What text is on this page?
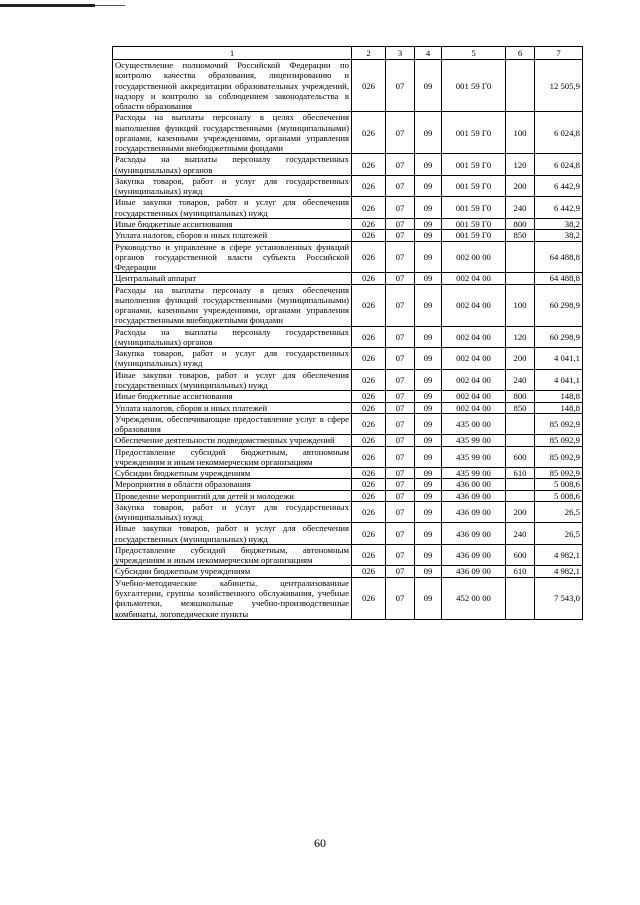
1	2	3	4	5	6	7
Осуществление полномочий Российской Федерации по контролю качества образования, лицензированию и государственной аккредитации образовательных учреждений, надзору и контролю за соблюдением законодательства в области образования	026	07	09	001 59 Г0		12 505,9
Расходы на выплаты персоналу в целях обеспечения выполнения функций государственными (муниципальными) органами, казенными учреждениями, органами управления государственными внебюджетными фондами	026	07	09	001 59 Г0	100	6 024,8
Расходы на выплаты персоналу государственных (муниципальных) органов	026	07	09	001 59 Г0	120	6 024,8
Закупка товаров, работ и услуг для государственных (муниципальных) нужд	026	07	09	001 59 Г0	200	6 442,9
Иные закупки товаров, работ и услуг для обеспечения государственных (муниципальных) нужд	026	07	09	001 59 Г0	240	6 442,9
Иные бюджетные ассигнования	026	07	09	001 59 Г0	800	38,2
Уплата налогов, сборов и иных платежей	026	07	09	001 59 Г0	850	38,2
Руководство и управление в сфере установленных функций органов государственной власти субъекта Российской Федерации	026	07	09	002 00 00		64 488,8
Центральный аппарат	026	07	09	002 04 00		64 488,8
Расходы на выплаты персоналу в целях обеспечения выполнения функций государственными (муниципальными) органами, казенными учреждениями, органами управления государственными внебюджетными фондами	026	07	09	002 04 00	100	60 298,9
Расходы на выплаты персоналу государственных (муниципальных) органов	026	07	09	002 04 00	120	60 298,9
Закупка товаров, работ и услуг для государственных (муниципальных) нужд	026	07	09	002 04 00	200	4 041,1
Иные закупки товаров, работ и услуг для обеспечения государственных (муниципальных) нужд	026	07	09	002 04 00	240	4 041,1
Иные бюджетные ассигнования	026	07	09	002 04 00	800	148,8
Уплата налогов, сборов и иных платежей	026	07	09	002 04 00	850	148,8
Учреждения, обеспечивающие предоставление услуг в сфере образования	026	07	09	435 00 00		85 092,9
Обеспечение деятельности подведомственных учреждений	026	07	09	435 99 00		85 092,9
Предоставление субсидий бюджетным, автономным учреждениям и иным некоммерческим организациям	026	07	09	435 99 00	600	85 092,9
Субсидии бюджетным учреждениям	026	07	09	435 99 00	610	85 092,9
Мероприятия в области образования	026	07	09	436 00 00		5 008,6
Проведение мероприятий для детей и молодежи	026	07	09	436 09 00		5 008,6
Закупка товаров, работ и услуг для государственных (муниципальных) нужд	026	07	09	436 09 00	200	26,5
Иные закупки товаров, работ и услуг для обеспечения государственных (муниципальных) нужд	026	07	09	436 09 00	240	26,5
Предоставление субсидий бюджетным, автономным учреждениям и иным некоммерческим организациям	026	07	09	436 09 00	600	4 982,1
Субсидии бюджетным учреждениям	026	07	09	436 09 00	610	4 982,1
Учебно-методические кабинеты, централизованные бухгалтерии, группы хозяйственного обслуживания, учебные фильмотеки, межшкольные учебно-производственные комбинаты, логопедические пункты	026	07	09	452 00 00		7 543,0
60
